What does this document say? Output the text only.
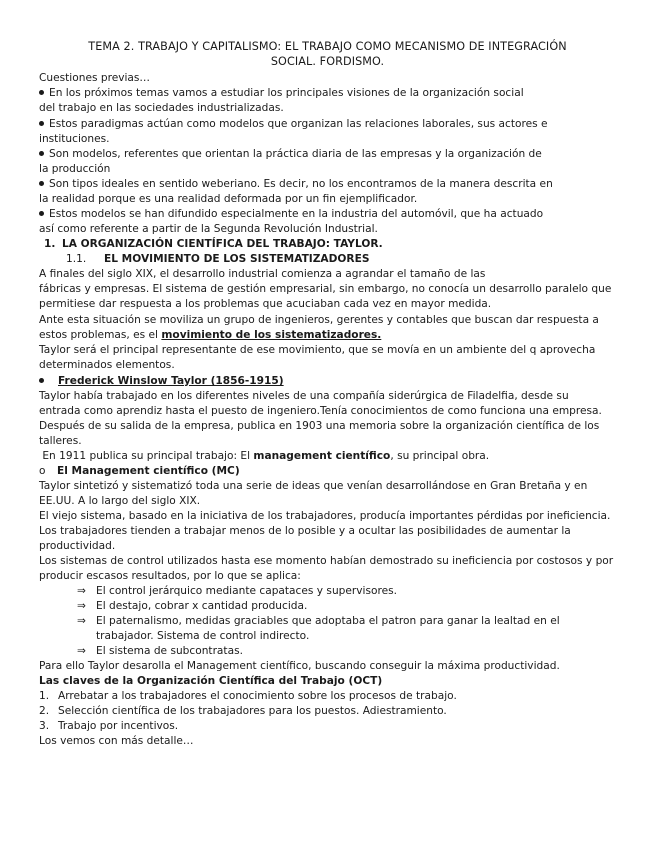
TEMA 2. TRABAJO Y CAPITALISMO: EL TRABAJO COMO MECANISMO DE INTEGRACIÓN
SOCIAL. FORDISMO.
Cuestiones previas…
En los próximos temas vamos a estudiar los principales visiones de la organización social
del trabajo en las sociedades industrializadas.
Estos paradigmas actúan como modelos que organizan las relaciones laborales, sus actores e
instituciones.
Son modelos, referentes que orientan la práctica diaria de las empresas y la organización de
la producción
Son tipos ideales en sentido weberiano. Es decir, no los encontramos de la manera descrita en
la realidad porque es una realidad deformada por un fin ejemplificador.
Estos modelos se han difundido especialmente en la industria del automóvil, que ha actuado
así como referente a partir de la Segunda Revolución Industrial.
1. LA ORGANIZACIÓN CIENTÍFICA DEL TRABAJO: TAYLOR.
1.1. EL MOVIMIENTO DE LOS SISTEMATIZADORES
A finales del siglo XIX, el desarrollo industrial comienza a agrandar el tamaño de las
fábricas y empresas. El sistema de gestión empresarial, sin embargo, no conocía un desarrollo paralelo que
permitiese dar respuesta a los problemas que acuciaban cada vez en mayor medida.
Ante esta situación se moviliza un grupo de ingenieros, gerentes y contables que buscan dar respuesta a
estos problemas, es el movimiento de los sistematizadores.
Taylor será el principal representante de ese movimiento, que se movía en un ambiente del q aprovecha
determinados elementos.
Frederick Winslow Taylor (1856-1915)
Taylor había trabajado en los diferentes niveles de una compañía siderúrgica de Filadelfia, desde su
entrada como aprendiz hasta el puesto de ingeniero.Tenía conocimientos de como funciona una empresa.
Después de su salida de la empresa, publica en 1903 una memoria sobre la organización científica de los
talleres.
En 1911 publica su principal trabajo: El management científico, su principal obra.
o El Management científico (MC)
Taylor sintetizó y sistematizó toda una serie de ideas que venían desarrollándose en Gran Bretaña y en
EE.UU. A lo largo del siglo XIX.
El viejo sistema, basado en la iniciativa de los trabajadores, producía importantes pérdidas por ineficiencia.
Los trabajadores tienden a trabajar menos de lo posible y a ocultar las posibilidades de aumentar la
productividad.
Los sistemas de control utilizados hasta ese momento habían demostrado su ineficiencia por costosos y por
producir escasos resultados, por lo que se aplica:
⇒ El control jerárquico mediante capataces y supervisores.
⇒ El destajo, cobrar x cantidad producida.
⇒ El paternalismo, medidas graciables que adoptaba el patron para ganar la lealtad en el
trabajador. Sistema de control indirecto.
⇒ El sistema de subcontratas.
Para ello Taylor desarolla el Management científico, buscando conseguir la máxima productividad.
Las claves de la Organización Científica del Trabajo (OCT)
1. Arrebatar a los trabajadores el conocimiento sobre los procesos de trabajo.
2. Selección científica de los trabajadores para los puestos. Adiestramiento.
3. Trabajo por incentivos.
Los vemos con más detalle…
